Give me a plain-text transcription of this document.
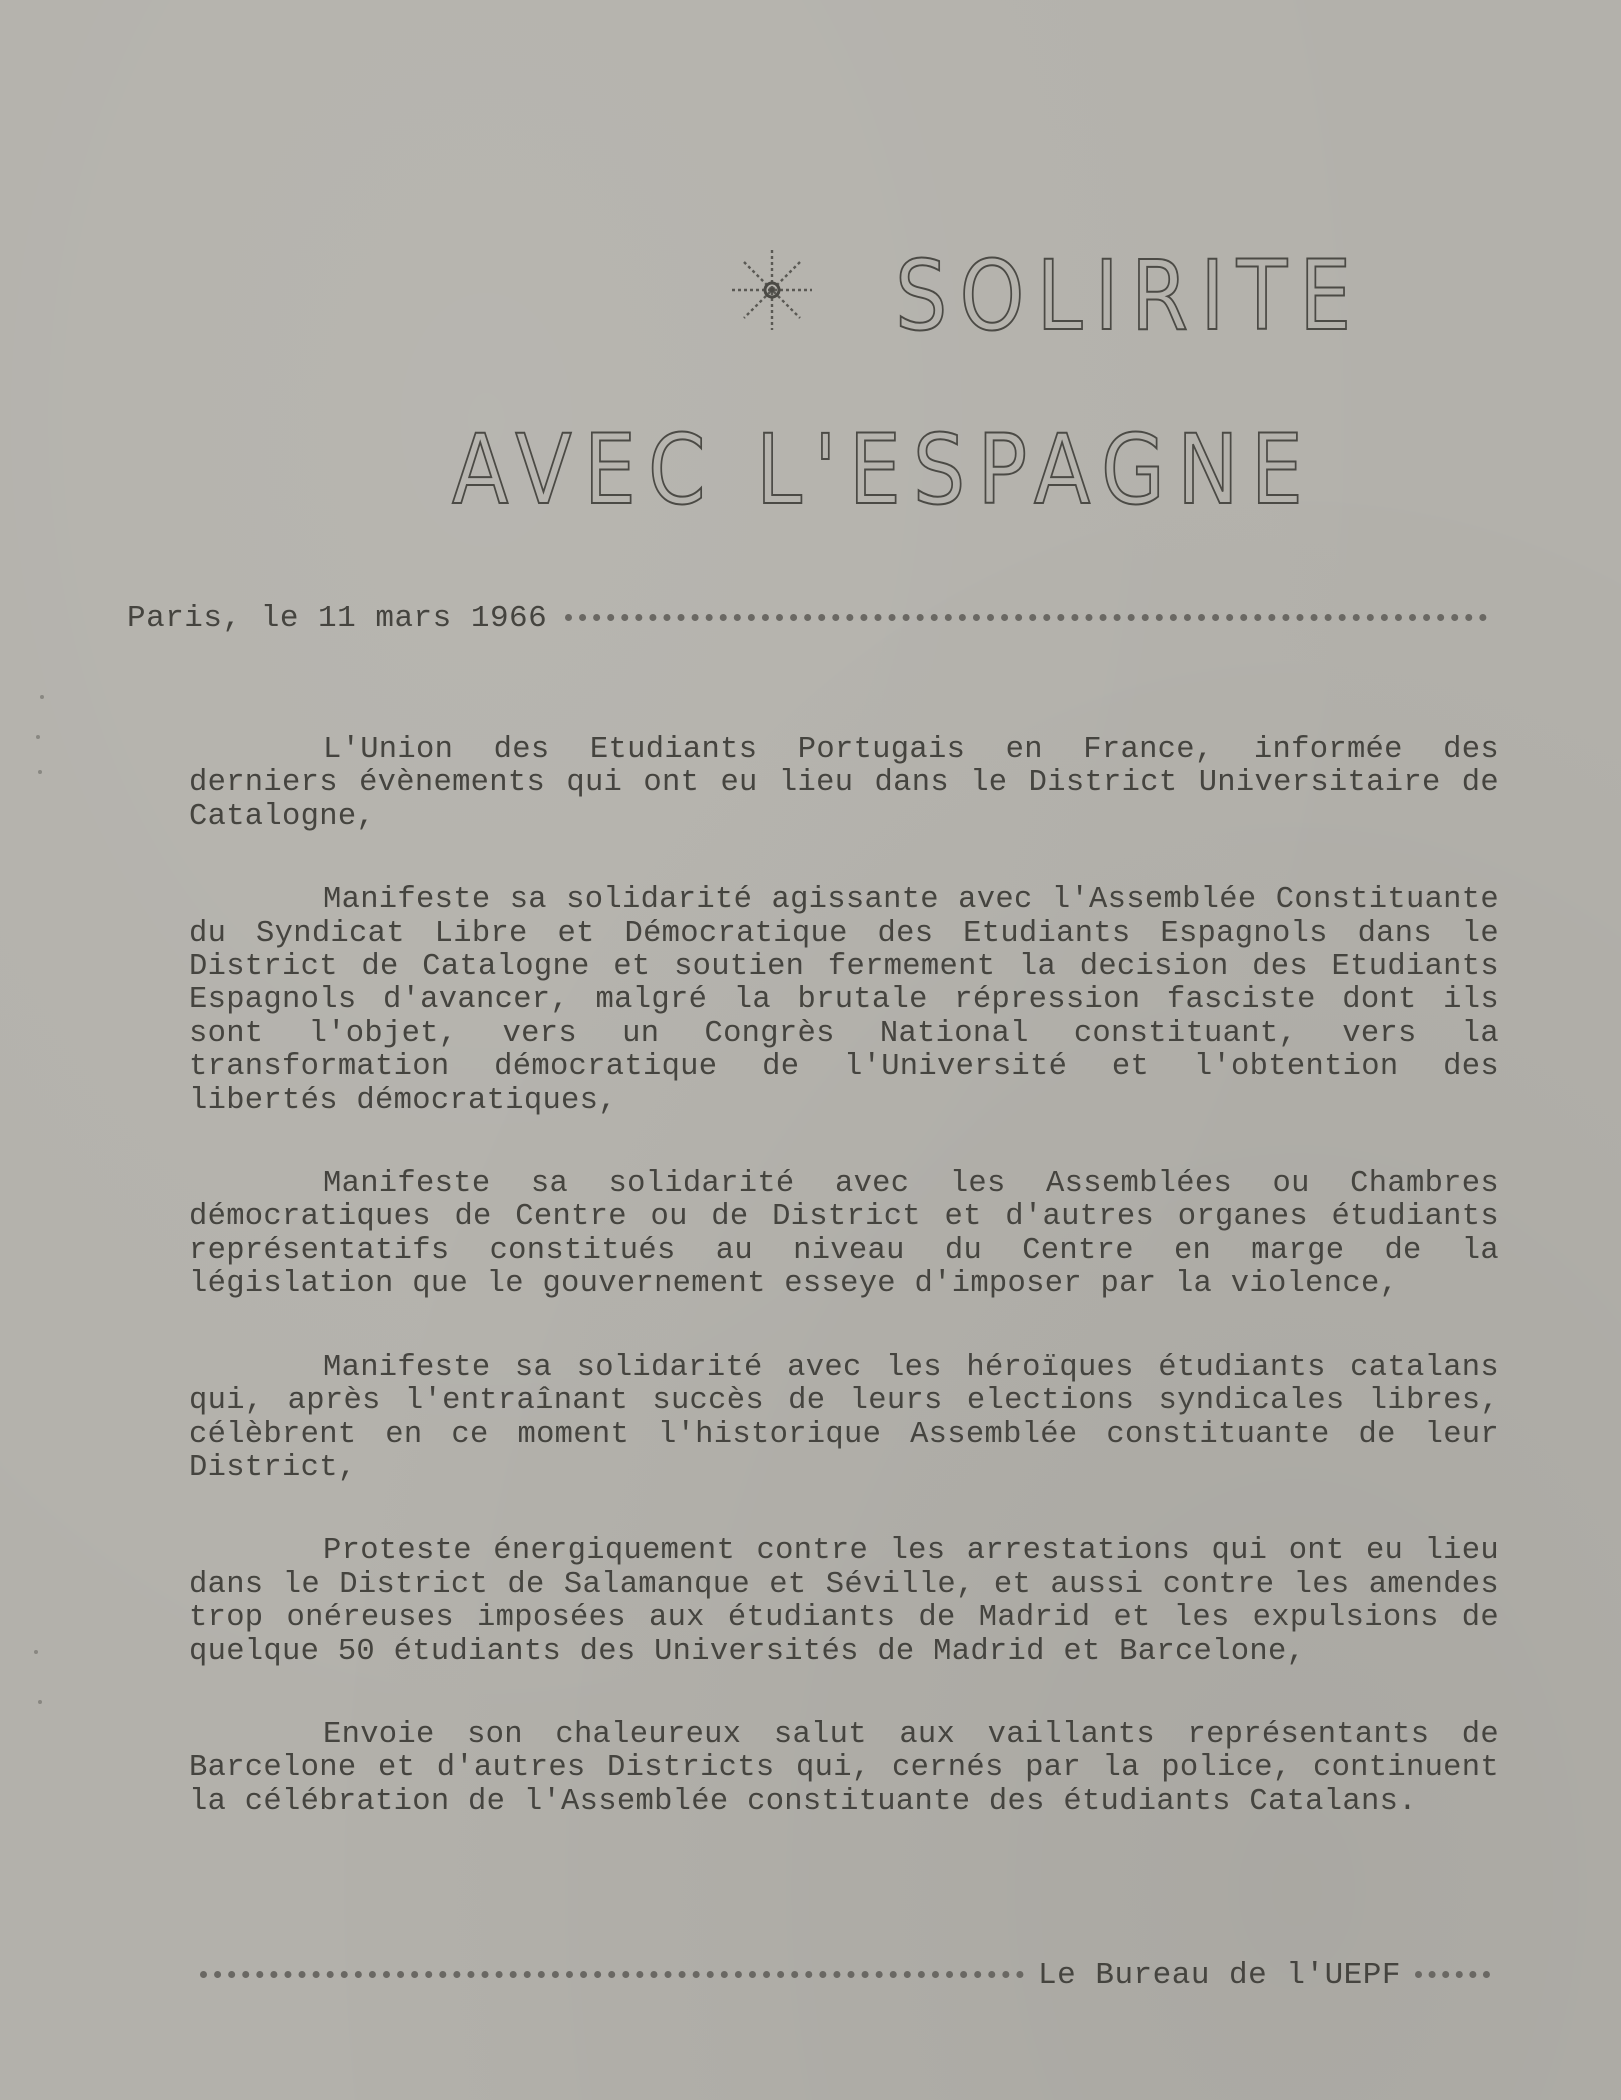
SOLIRITE
AVEC L'ESPAGNE
Paris, le 11 mars 1966

L'Union des Etudiants Portugais en France, informée des derniers évènements qui ont eu lieu dans le District Universitaire de Catalogne,

Manifeste sa solidarité agissante avec l'Assemblée Constituante du Syndicat Libre et Démocratique des Etudiants Espagnols dans le District de Catalogne et soutien fermement la decision des Etudiants Espagnols d'avancer, malgré la brutale répression fasciste dont ils sont l'objet, vers un Congrès National constituant, vers la transformation démocratique de l'Université et l'obtention des libertés démocratiques,

Manifeste sa solidarité avec les Assemblées ou Chambres démocratiques de Centre ou de District et d'autres organes étudiants représentatifs constitués au niveau du Centre en marge de la législation que le gouvernement esseye d'imposer par la violence,

Manifeste sa solidarité avec les héroïques étudiants catalans qui, après l'entraînant succès de leurs elections syndicales libres, célèbrent en ce moment l'historique Assemblée constituante de leur District,

Proteste énergiquement contre les arrestations qui ont eu lieu dans le District de Salamanque et Séville, et aussi contre les amendes trop onéreuses imposées aux étudiants de Madrid et les expulsions de quelque 50 étudiants des Universités de Madrid et Barcelone,

Envoie son chaleureux salut aux vaillants représentants de Barcelone et d'autres Districts qui, cernés par la police, continuent la célébration de l'Assemblée constituante des étudiants Catalans.

Le Bureau de l'UEPF
